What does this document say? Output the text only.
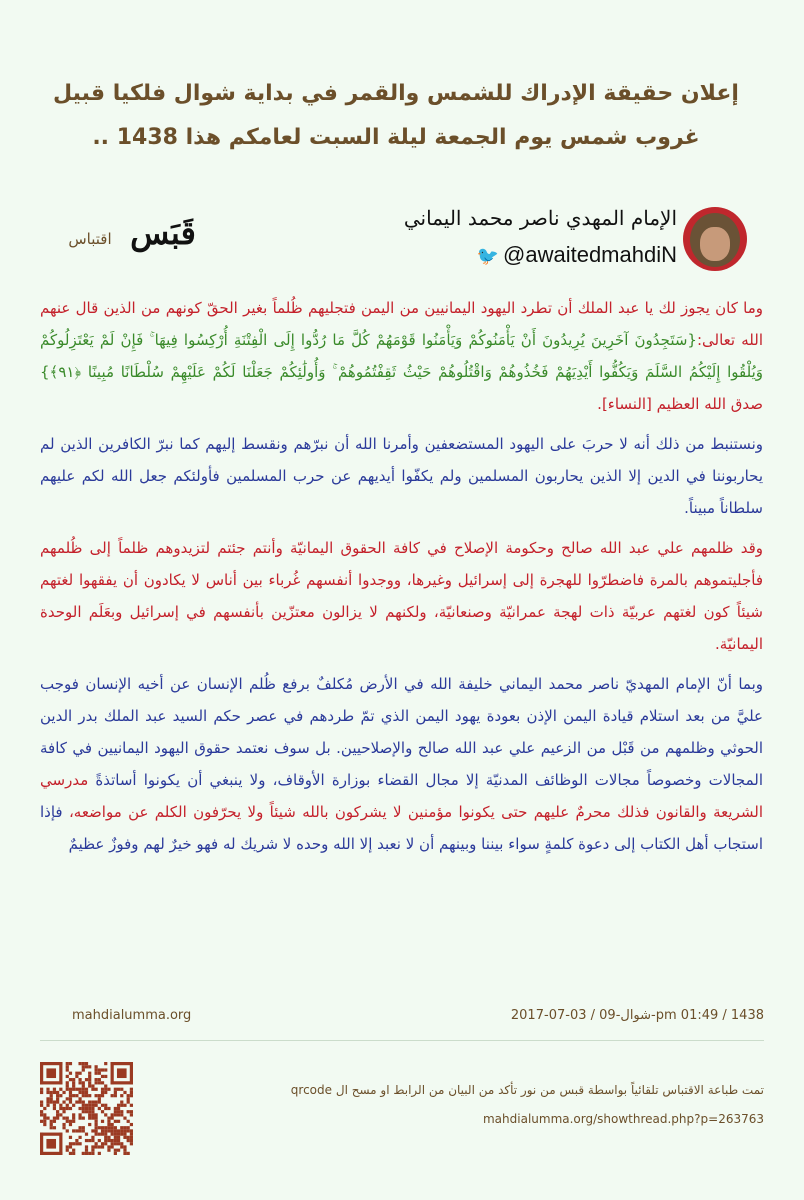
إعلان حقيقة الإدراك للشمس والقمر في بداية شوال فلكيا قبيل غروب شمس يوم الجمعة ليلة السبت لعامكم هذا 1438 ..
الإمام المهدي ناصر محمد اليماني
🐦 @awaitedmahdiN
قَبَس
اقتباس

وما كان يجوز لك يا عبد الملك أن تطرد اليهود اليمانيين من اليمن فتجليهم ظُلماً بغير الحقّ كونهم من الذين قال عنهم الله تعالى:{سَتَجِدُونَ آخَرِينَ يُرِيدُونَ أَنْ يَأْمَنُوكُمْ وَيَأْمَنُوا قَوْمَهُمْ كُلَّ مَا رُدُّوا إِلَى الْفِتْنَةِ أُرْكِسُوا فِيهَا ۚ فَإِنْ لَمْ يَعْتَزِلُوكُمْ وَيُلْقُوا إِلَيْكُمُ السَّلَمَ وَيَكُفُّوا أَيْدِيَهُمْ فَخُذُوهُمْ وَاقْتُلُوهُمْ حَيْثُ ثَقِفْتُمُوهُمْ ۚ وَأُولَٰئِكُمْ جَعَلْنَا لَكُمْ عَلَيْهِمْ سُلْطَانًا مُبِينًا ﴿٩١﴾} صدق الله العظيم [النساء].

ونستنبط من ذلك أنه لا حربَ على اليهود المستضعفين وأمرنا الله أن نبرّهم ونقسط إليهم كما نبرّ الكافرين الذين لم يحاربوننا في الدين إلا الذين يحاربون المسلمين ولم يكفّوا أيديهم عن حرب المسلمين فأولئكم جعل الله لكم عليهم سلطاناً مبيناً.

وقد ظلمهم علي عبد الله صالح وحكومة الإصلاح في كافة الحقوق اليمانيّة وأنتم جئتم لتزيدوهم ظلماً إلى ظُلمهم فأجليتموهم بالمرة فاضطرّوا للهجرة إلى إسرائيل وغيرها، ووجدوا أنفسهم غُرباء بين أناس لا يكادون أن يفقهوا لغتهم شيئاً كون لغتهم عربيّة ذات لهجة عمرانيّة وصنعانيّة، ولكنهم لا يزالون معتزّين بأنفسهم في إسرائيل وبعَلَم الوحدة اليمانيّة.

وبما أنّ الإمام المهديّ ناصر محمد اليماني خليفة الله في الأرض مُكلفٌ برفع ظُلم الإنسان عن أخيه الإنسان فوجب عليَّ من بعد استلام قيادة اليمن الإذن بعودة يهود اليمن الذي تمّ طردهم في عصر حكم السيد عبد الملك بدر الدين الحوثي وظلمهم من قَبْل من الزعيم علي عبد الله صالح والإصلاحيين. بل سوف نعتمد حقوق اليهود اليمانيين في كافة المجالات وخصوصاً مجالات الوظائف المدنيّة إلا مجال القضاء بوزارة الأوقاف، ولا ينبغي أن يكونوا أساتذةً مدرسي الشريعة والقانون فذلك محرمٌ عليهم حتى يكونوا مؤمنين لا يشركون بالله شيئاً ولا يحرّفون الكلم عن مواضعه، فإذا استجاب أهل الكتاب إلى دعوة كلمةٍ سواء بيننا وبينهم أن لا نعبد إلا الله وحده لا شريك له فهو خيرٌ لهم وفوزٌ عظيمٌ

mahdialumma.org	pm 01:49 / 1438-شوال-09 / 03-07-2017
تمت طباعة الاقتباس تلقائياً بواسطة قبس من نور تأكد من البيان من الرابط او مسح ال qrcode
mahdialumma.org/showthread.php?p=263763
